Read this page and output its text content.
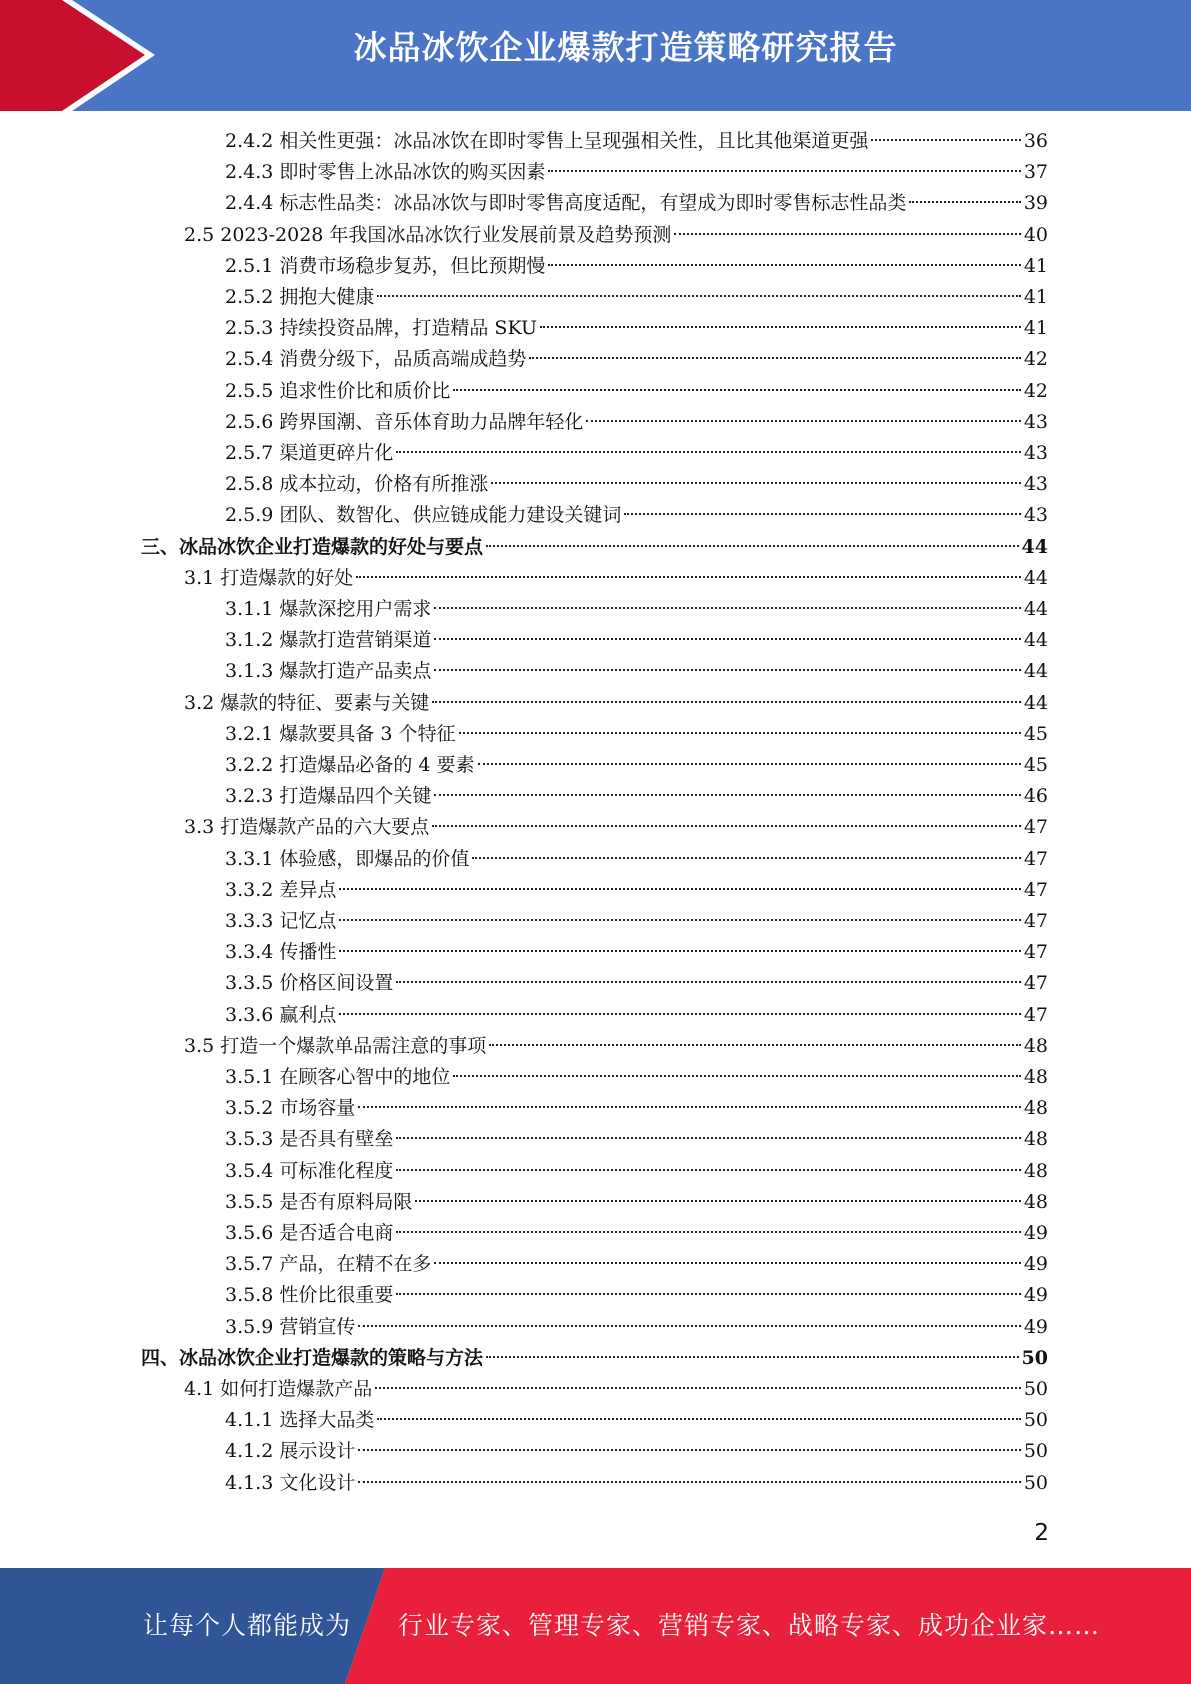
冰品冰饮企业爆款打造策略研究报告
2.4.2 相关性更强：冰品冰饮在即时零售上呈现强相关性，且比其他渠道更强	36
2.4.3 即时零售上冰品冰饮的购买因素	37
2.4.4 标志性品类：冰品冰饮与即时零售高度适配，有望成为即时零售标志性品类	39
2.5 2023-2028 年我国冰品冰饮行业发展前景及趋势预测	40
2.5.1 消费市场稳步复苏，但比预期慢	41
2.5.2 拥抱大健康	41
2.5.3 持续投资品牌，打造精品 SKU	41
2.5.4 消费分级下，品质高端成趋势	42
2.5.5 追求性价比和质价比	42
2.5.6 跨界国潮、音乐体育助力品牌年轻化	43
2.5.7 渠道更碎片化	43
2.5.8 成本拉动，价格有所推涨	43
2.5.9 团队、数智化、供应链成能力建设关键词	43
三、冰品冰饮企业打造爆款的好处与要点	44
3.1 打造爆款的好处	44
3.1.1 爆款深挖用户需求	44
3.1.2 爆款打造营销渠道	44
3.1.3 爆款打造产品卖点	44
3.2 爆款的特征、要素与关键	44
3.2.1 爆款要具备 3 个特征	45
3.2.2 打造爆品必备的 4 要素	45
3.2.3 打造爆品四个关键	46
3.3 打造爆款产品的六大要点	47
3.3.1 体验感，即爆品的价值	47
3.3.2 差异点	47
3.3.3 记忆点	47
3.3.4 传播性	47
3.3.5 价格区间设置	47
3.3.6 赢利点	47
3.5 打造一个爆款单品需注意的事项	48
3.5.1 在顾客心智中的地位	48
3.5.2 市场容量	48
3.5.3 是否具有壁垒	48
3.5.4 可标准化程度	48
3.5.5 是否有原料局限	48
3.5.6 是否适合电商	49
3.5.7 产品，在精不在多	49
3.5.8 性价比很重要	49
3.5.9 营销宣传	49
四、冰品冰饮企业打造爆款的策略与方法	50
4.1 如何打造爆款产品	50
4.1.1 选择大品类	50
4.1.2 展示设计	50
4.1.3 文化设计	50
2
让每个人都能成为 行业专家、管理专家、营销专家、战略专家、成功企业家……
